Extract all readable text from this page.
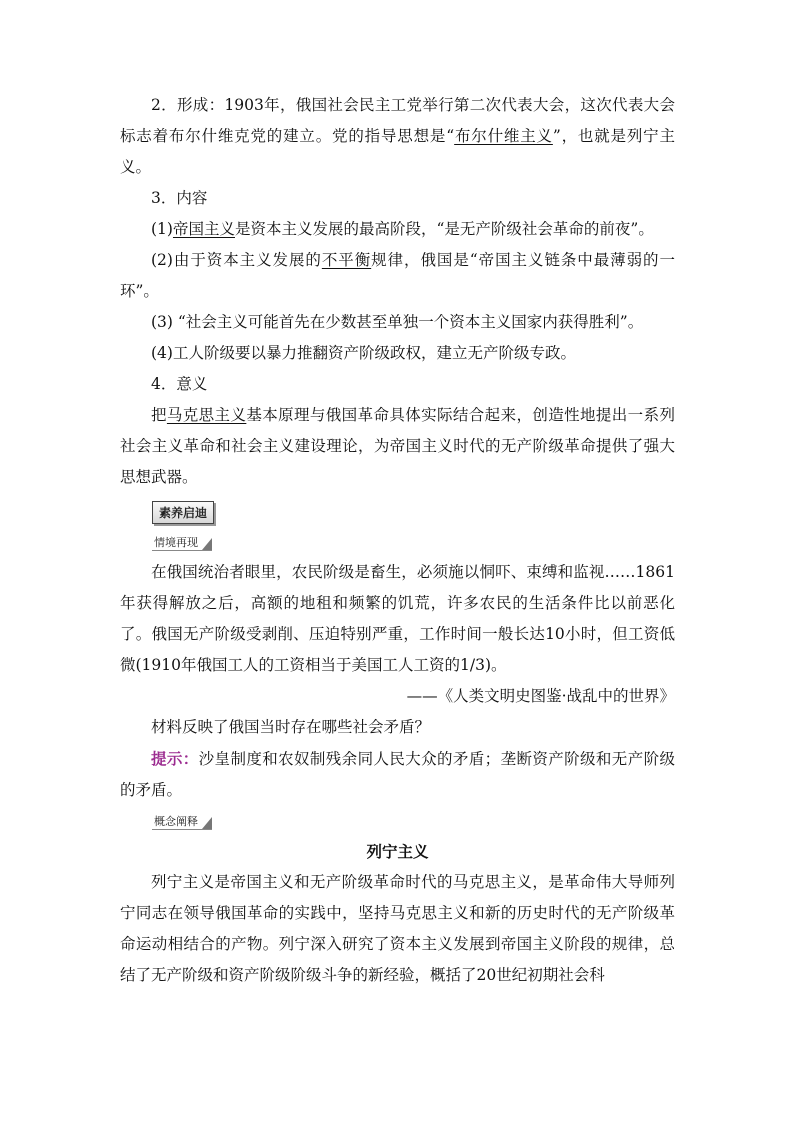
2．形成：1903年，俄国社会民主工党举行第二次代表大会，这次代表大会标志着布尔什维克党的建立。党的指导思想是“布尔什维主义”，也就是列宁主义。

3．内容

(1)帝国主义是资本主义发展的最高阶段，“是无产阶级社会革命的前夜”。

(2)由于资本主义发展的不平衡规律，俄国是“帝国主义链条中最薄弱的一环”。

(3) “社会主义可能首先在少数甚至单独一个资本主义国家内获得胜利”。

(4)工人阶级要以暴力推翻资产阶级政权，建立无产阶级专政。

4．意义

把马克思主义基本原理与俄国革命具体实际结合起来，创造性地提出一系列社会主义革命和社会主义建设理论，为帝国主义时代的无产阶级革命提供了强大思想武器。

素养启迪
情境再现

在俄国统治者眼里，农民阶级是畜生，必须施以恫吓、束缚和监视……1861年获得解放之后，高额的地租和频繁的饥荒，许多农民的生活条件比以前恶化了。俄国无产阶级受剥削、压迫特别严重，工作时间一般长达10小时，但工资低微(1910年俄国工人的工资相当于美国工人工资的1/3)。

——《人类文明史图鉴·战乱中的世界》

材料反映了俄国当时存在哪些社会矛盾？

提示：沙皇制度和农奴制残余同人民大众的矛盾；垄断资产阶级和无产阶级的矛盾。

概念阐释

列宁主义

列宁主义是帝国主义和无产阶级革命时代的马克思主义，是革命伟大导师列宁同志在领导俄国革命的实践中，坚持马克思主义和新的历史时代的无产阶级革命运动相结合的产物。列宁深入研究了资本主义发展到帝国主义阶段的规律，总结了无产阶级和资产阶级阶级斗争的新经验，概括了20世纪初期社会科
